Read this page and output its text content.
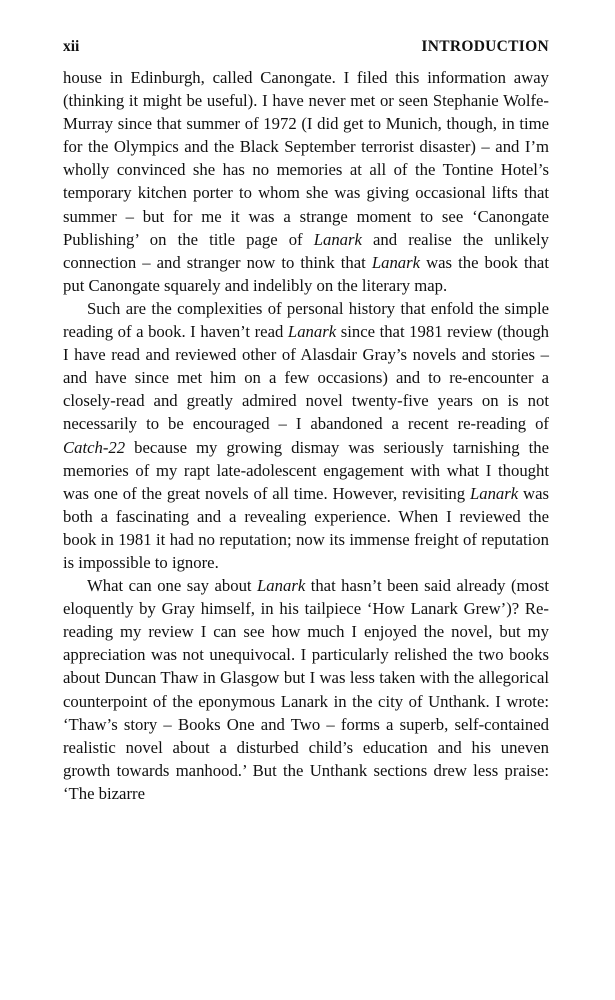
xii	INTRODUCTION

house in Edinburgh, called Canongate. I filed this information away (thinking it might be useful). I have never met or seen Stephanie Wolfe-Murray since that summer of 1972 (I did get to Munich, though, in time for the Olympics and the Black September terrorist disaster) – and I’m wholly convinced she has no memories at all of the Tontine Hotel’s temporary kitchen porter to whom she was giving occasional lifts that summer – but for me it was a strange moment to see ‘Canongate Publishing’ on the title page of Lanark and realise the unlikely connection – and stranger now to think that Lanark was the book that put Canongate squarely and indelibly on the literary map.

Such are the complexities of personal history that enfold the simple reading of a book. I haven’t read Lanark since that 1981 review (though I have read and reviewed other of Alasdair Gray’s novels and stories – and have since met him on a few occasions) and to re-encounter a closely-read and greatly admired novel twenty-five years on is not necessarily to be encouraged – I abandoned a recent re-reading of Catch-22 because my growing dismay was seriously tarnishing the memories of my rapt late-adolescent engagement with what I thought was one of the great novels of all time. However, revisiting Lanark was both a fascinating and a revealing experience. When I reviewed the book in 1981 it had no reputation; now its immense freight of reputation is impossible to ignore.

What can one say about Lanark that hasn’t been said already (most eloquently by Gray himself, in his tailpiece ‘How Lanark Grew’)? Re-reading my review I can see how much I enjoyed the novel, but my appreciation was not unequivocal. I particularly relished the two books about Duncan Thaw in Glasgow but I was less taken with the allegorical counterpoint of the eponymous Lanark in the city of Unthank. I wrote: ‘Thaw’s story – Books One and Two – forms a superb, self-contained realistic novel about a disturbed child’s education and his uneven growth towards manhood.’ But the Unthank sections drew less praise: ‘The bizarre
